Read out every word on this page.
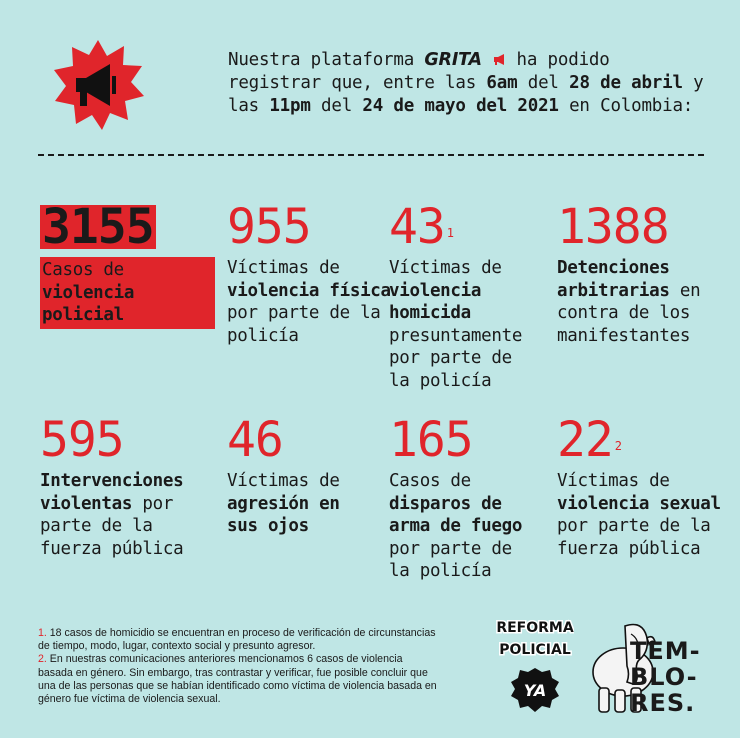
Nuestra plataforma GRITA  ha podido registrar que, entre las 6am del 28 de abril y las 11pm del 24 de mayo del 2021 en Colombia:
3155
Casos de violencia policial
955
Víctimas de violencia física por parte de la policía
43 $^1$
Víctimas de violencia homicida presuntamente por parte de la policía
1388
Detenciones arbitrarias en contra de los manifestantes
595
Intervenciones violentas por parte de la fuerza pública
46
Víctimas de agresión en sus ojos
165
Casos de disparos de arma de fuego por parte de la policía
22 $^2$
Víctimas de violencia sexual por parte de la fuerza pública
1. 18 casos de homicidio se encuentran en proceso de verificación de circunstancias de tiempo, modo, lugar, contexto social y presunto agresor.
2. En nuestras comunicaciones anteriores mencionamos 6 casos de violencia basada en género. Sin embargo, tras contrastar y verificar, fue posible concluir que una de las personas que se habían identificado como víctima de violencia basada en género fue víctima de violencia sexual.
REFORMA
POLICIAL
YA
TEM-
BLO-
RES.
